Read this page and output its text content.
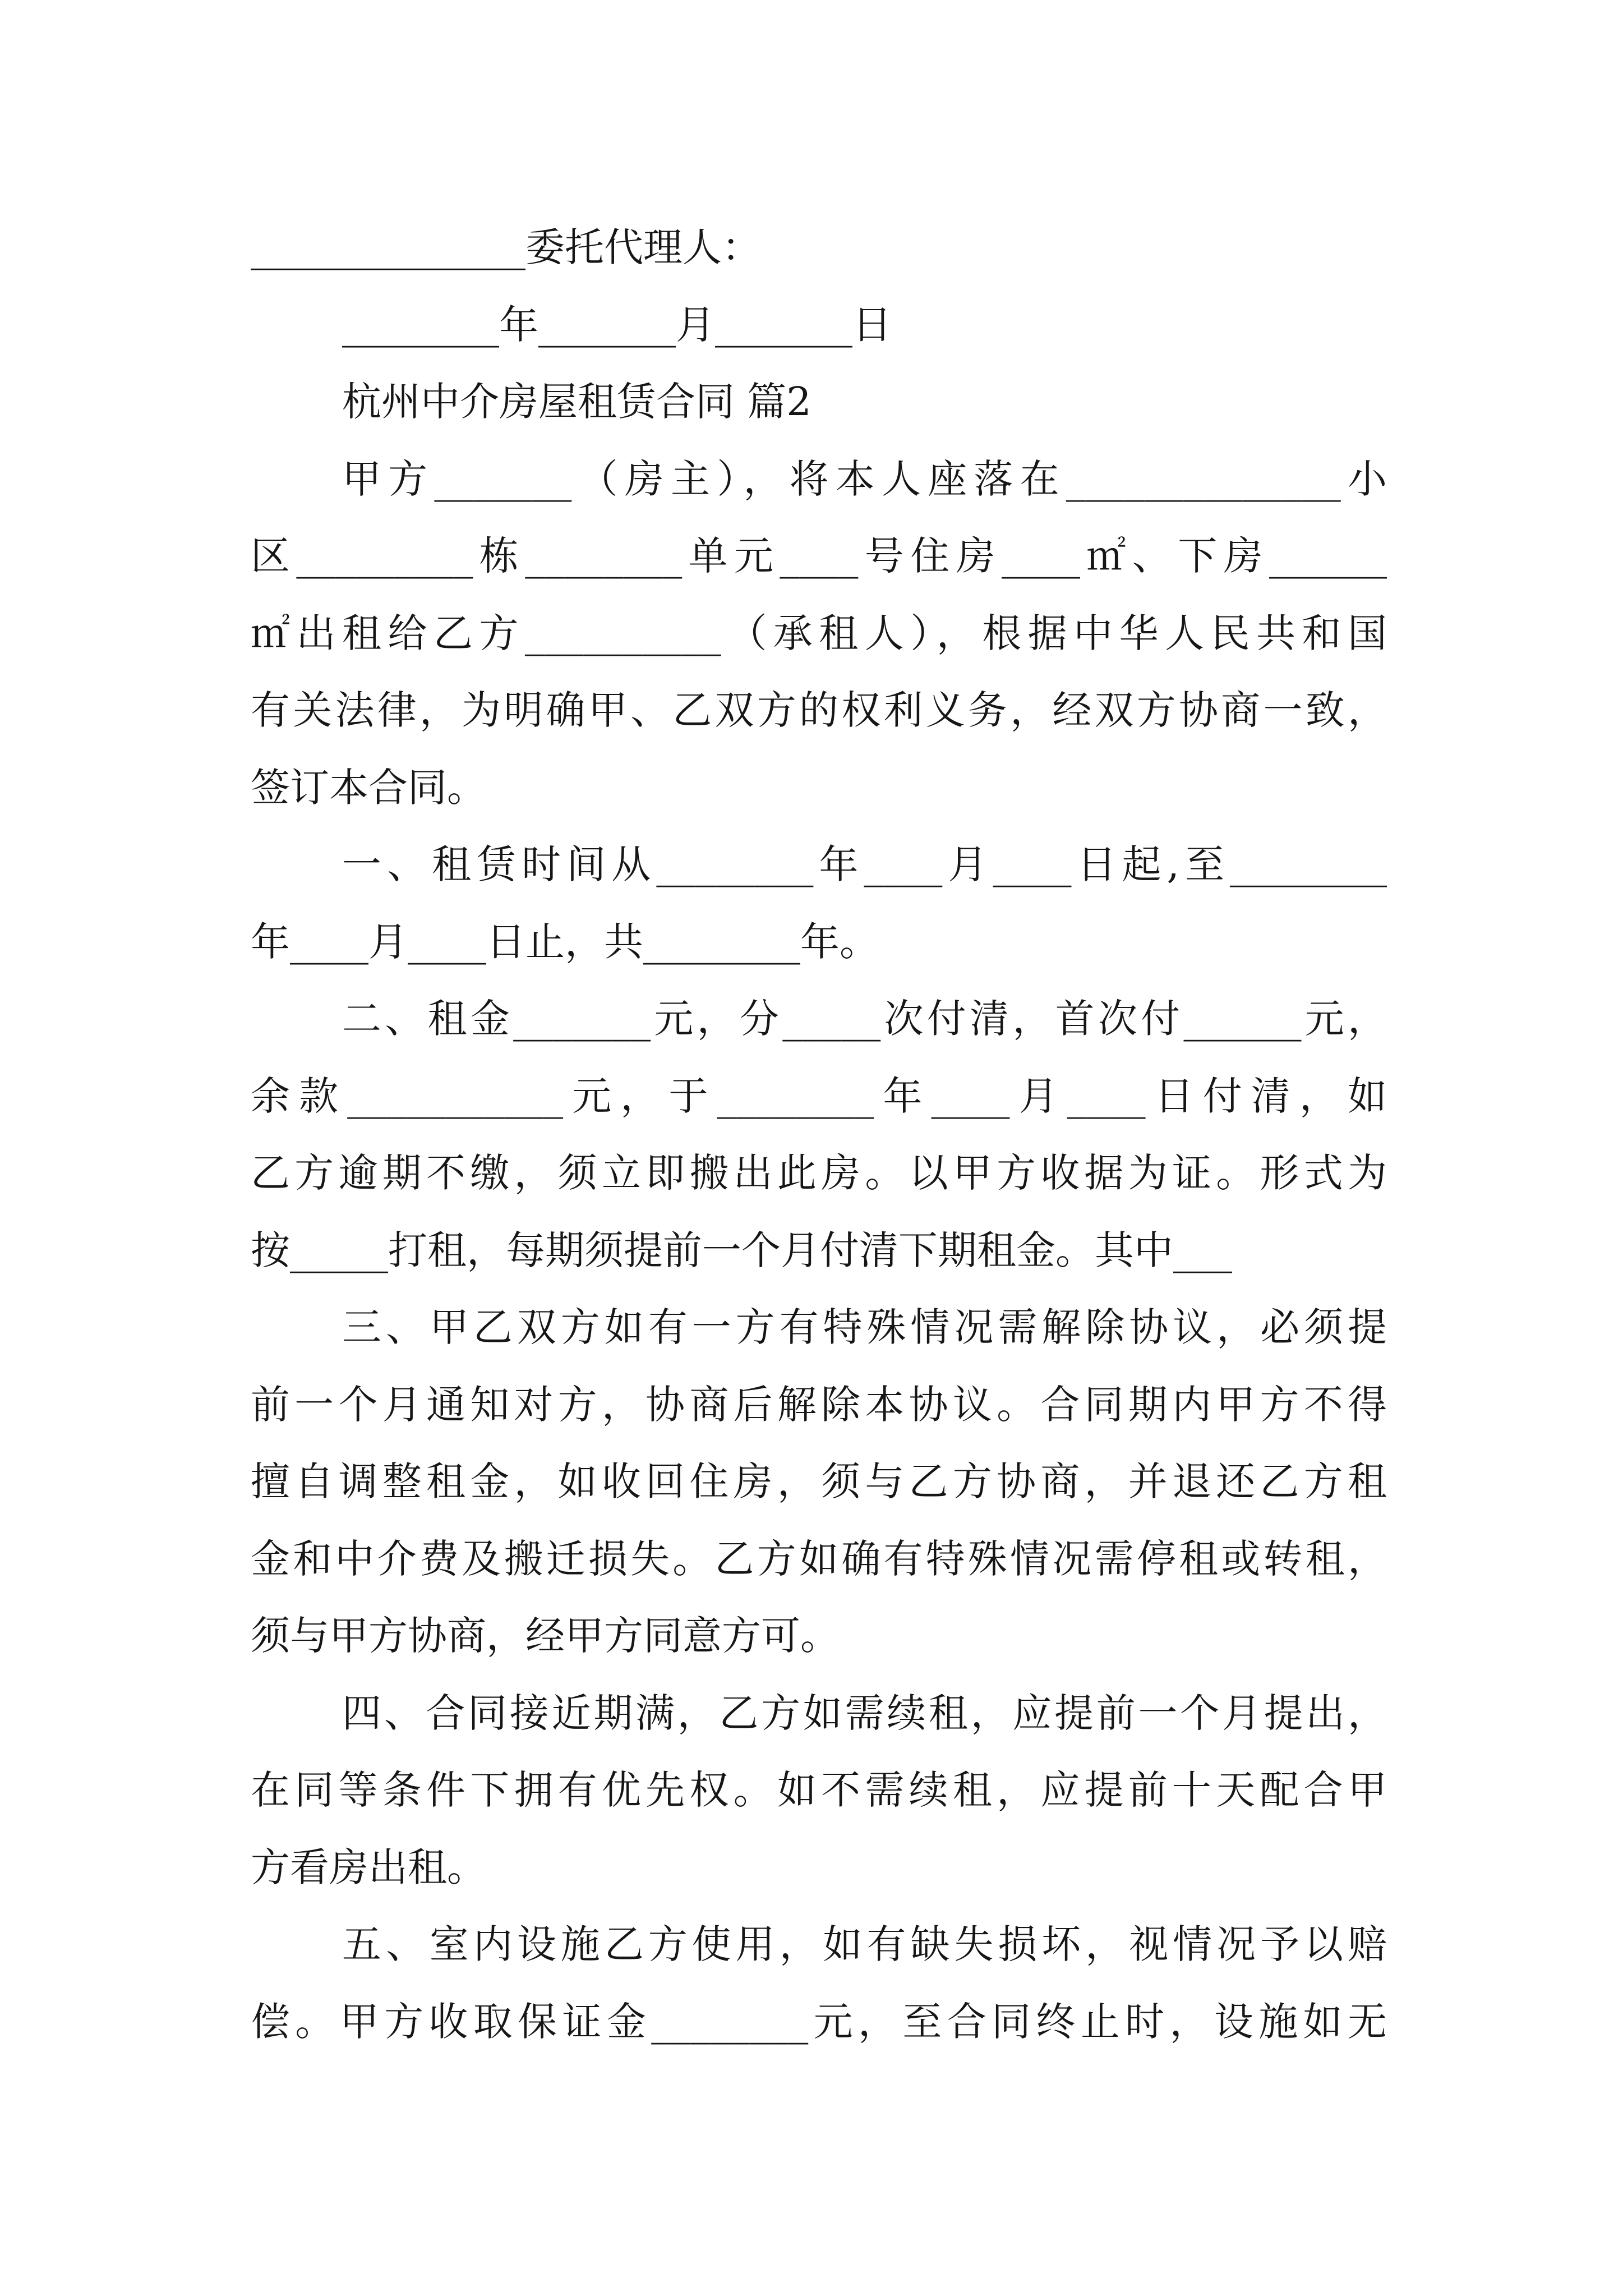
______________委托代理人：
________年_______月_______日
杭州中介房屋租赁合同 篇2
甲方_______（房主），将本人座落在______________小
区_________栋________单元____号住房____㎡、下房______
㎡出租给乙方__________（承租人），根据中华人民共和国
有关法律，为明确甲、乙双方的权利义务，经双方协商一致，
签订本合同。
一、租赁时间从________年____月____日起,至________
年____月____日止，共________年。
二、租金_______元，分_____次付清，首次付______元，
余款___________元，于________年____月____日付清，如
乙方逾期不缴，须立即搬出此房。以甲方收据为证。形式为
按_____打租，每期须提前一个月付清下期租金。其中___
三、甲乙双方如有一方有特殊情况需解除协议，必须提
前一个月通知对方，协商后解除本协议。合同期内甲方不得
擅自调整租金，如收回住房，须与乙方协商，并退还乙方租
金和中介费及搬迁损失。乙方如确有特殊情况需停租或转租，
须与甲方协商，经甲方同意方可。
四、合同接近期满，乙方如需续租，应提前一个月提出，
在同等条件下拥有优先权。如不需续租，应提前十天配合甲
方看房出租。
五、室内设施乙方使用，如有缺失损坏，视情况予以赔
偿。甲方收取保证金________元，至合同终止时，设施如无
